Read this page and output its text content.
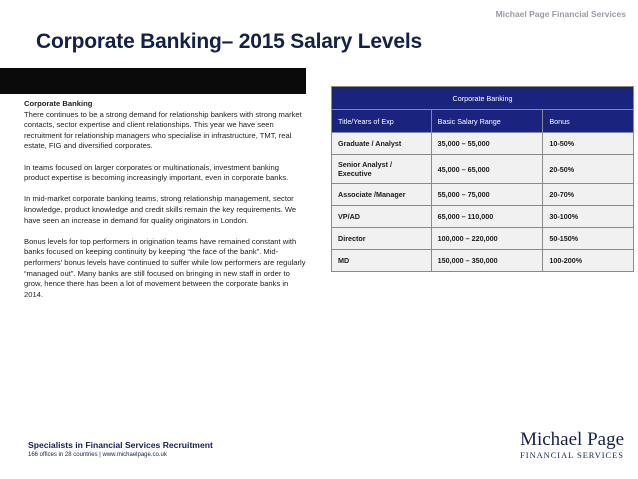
Michael Page Financial Services
Corporate Banking– 2015 Salary Levels

Corporate Banking

There continues to be a strong demand for relationship bankers with strong market contacts, sector expertise and client relationships. This year we have seen recruitment for relationship managers who specialise in infrastructure, TMT, real estate, FIG and diversified corporates.

In teams focused on larger corporates or multinationals, investment banking product expertise is becoming increasingly important, even in corporate banks.

In mid-market corporate banking teams, strong relationship management, sector knowledge, product knowledge and credit skills remain the key requirements. We have seen an increase in demand for quality originators in London.

Bonus levels for top performers in origination teams have remained constant with banks focused on keeping continuity by keeping “the face of the bank”. Mid-performers’ bonus levels have continued to suffer while low performers are regularly “managed out”. Many banks are still focused on bringing in new staff in order to grow, hence there has been a lot of movement between the corporate banks in 2014.

Corporate Banking		
Title/Years of Exp	Basic Salary Range	Bonus
Graduate / Analyst	35,000 – 55,000	10-50%
Senior Analyst / Executive	45,000 – 65,000	20-50%
Associate /Manager	55,000 – 75,000	20-70%
VP/AD	65,000 – 110,000	30-100%
Director	100,000 – 220,000	50-150%
MD	150,000 – 350,000	100-200%
Specialists in Financial Services Recruitment
166 offices in 28 countries | www.michaelpage.co.uk
Michael Page
FINANCIAL SERVICES
